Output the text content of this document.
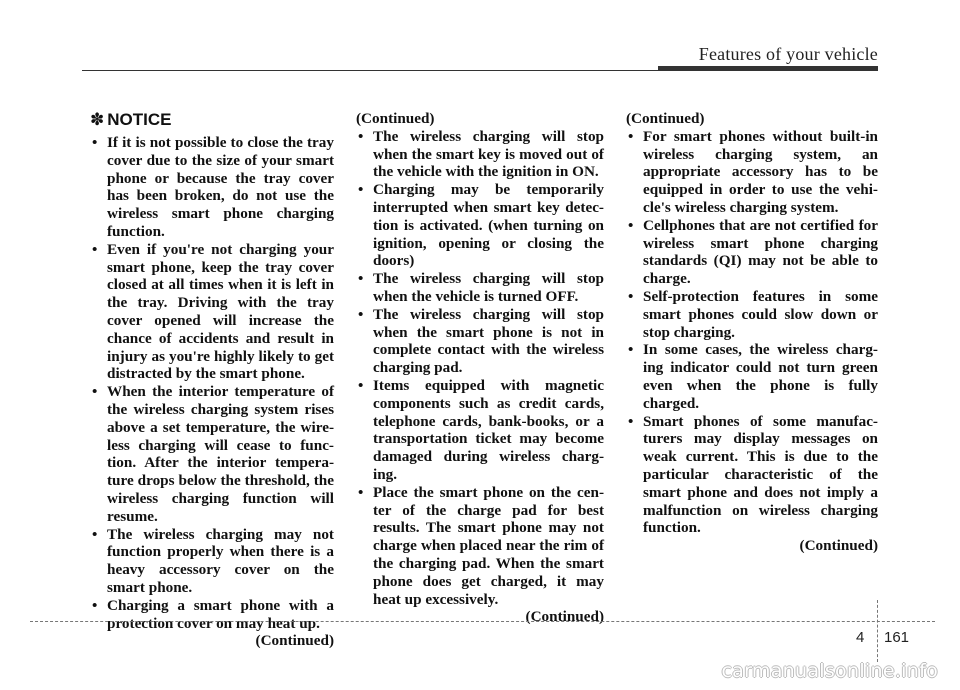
Features of your vehicle
✽ NOTICE
• If it is not possible to close the tray cover due to the size of your smart phone or because the tray cover has been broken, do not use the wireless smart phone charging function.
• Even if you're not charging your smart phone, keep the tray cover closed at all times when it is left in the tray. Driving with the tray cover opened will increase the chance of accidents and result in injury as you're highly likely to get distracted by the smart phone.
• When the interior temperature of the wireless charging system rises above a set temperature, the wire-less charging will cease to func-tion. After the interior tempera-ture drops below the threshold, the wireless charging function will resume.
• The wireless charging may not function properly when there is a heavy accessory cover on the smart phone.
• Charging a smart phone with a protection cover on may heat up.
(Continued)
(Continued)
• The wireless charging will stop when the smart key is moved out of the vehicle with the ignition in ON.
• Charging may be temporarily interrupted when smart key detec-tion is activated. (when turning on ignition, opening or closing the doors)
• The wireless charging will stop when the vehicle is turned OFF.
• The wireless charging will stop when the smart phone is not in complete contact with the wireless charging pad.
• Items equipped with magnetic components such as credit cards, telephone cards, bank-books, or a transportation ticket may become damaged during wireless charg-ing.
• Place the smart phone on the cen-ter of the charge pad for best results. The smart phone may not charge when placed near the rim of the charging pad. When the smart phone does get charged, it may heat up excessively.
(Continued)
(Continued)
• For smart phones without built-in wireless charging system, an appropriate accessory has to be equipped in order to use the vehi-cle's wireless charging system.
• Cellphones that are not certified for wireless smart phone charging standards (QI) may not be able to charge.
• Self-protection features in some smart phones could slow down or stop charging.
• In some cases, the wireless charg-ing indicator could not turn green even when the phone is fully charged.
• Smart phones of some manufac-turers may display messages on weak current. This is due to the particular characteristic of the smart phone and does not imply a malfunction on wireless charging function.
(Continued)
4 161
carmanualsonline.info
